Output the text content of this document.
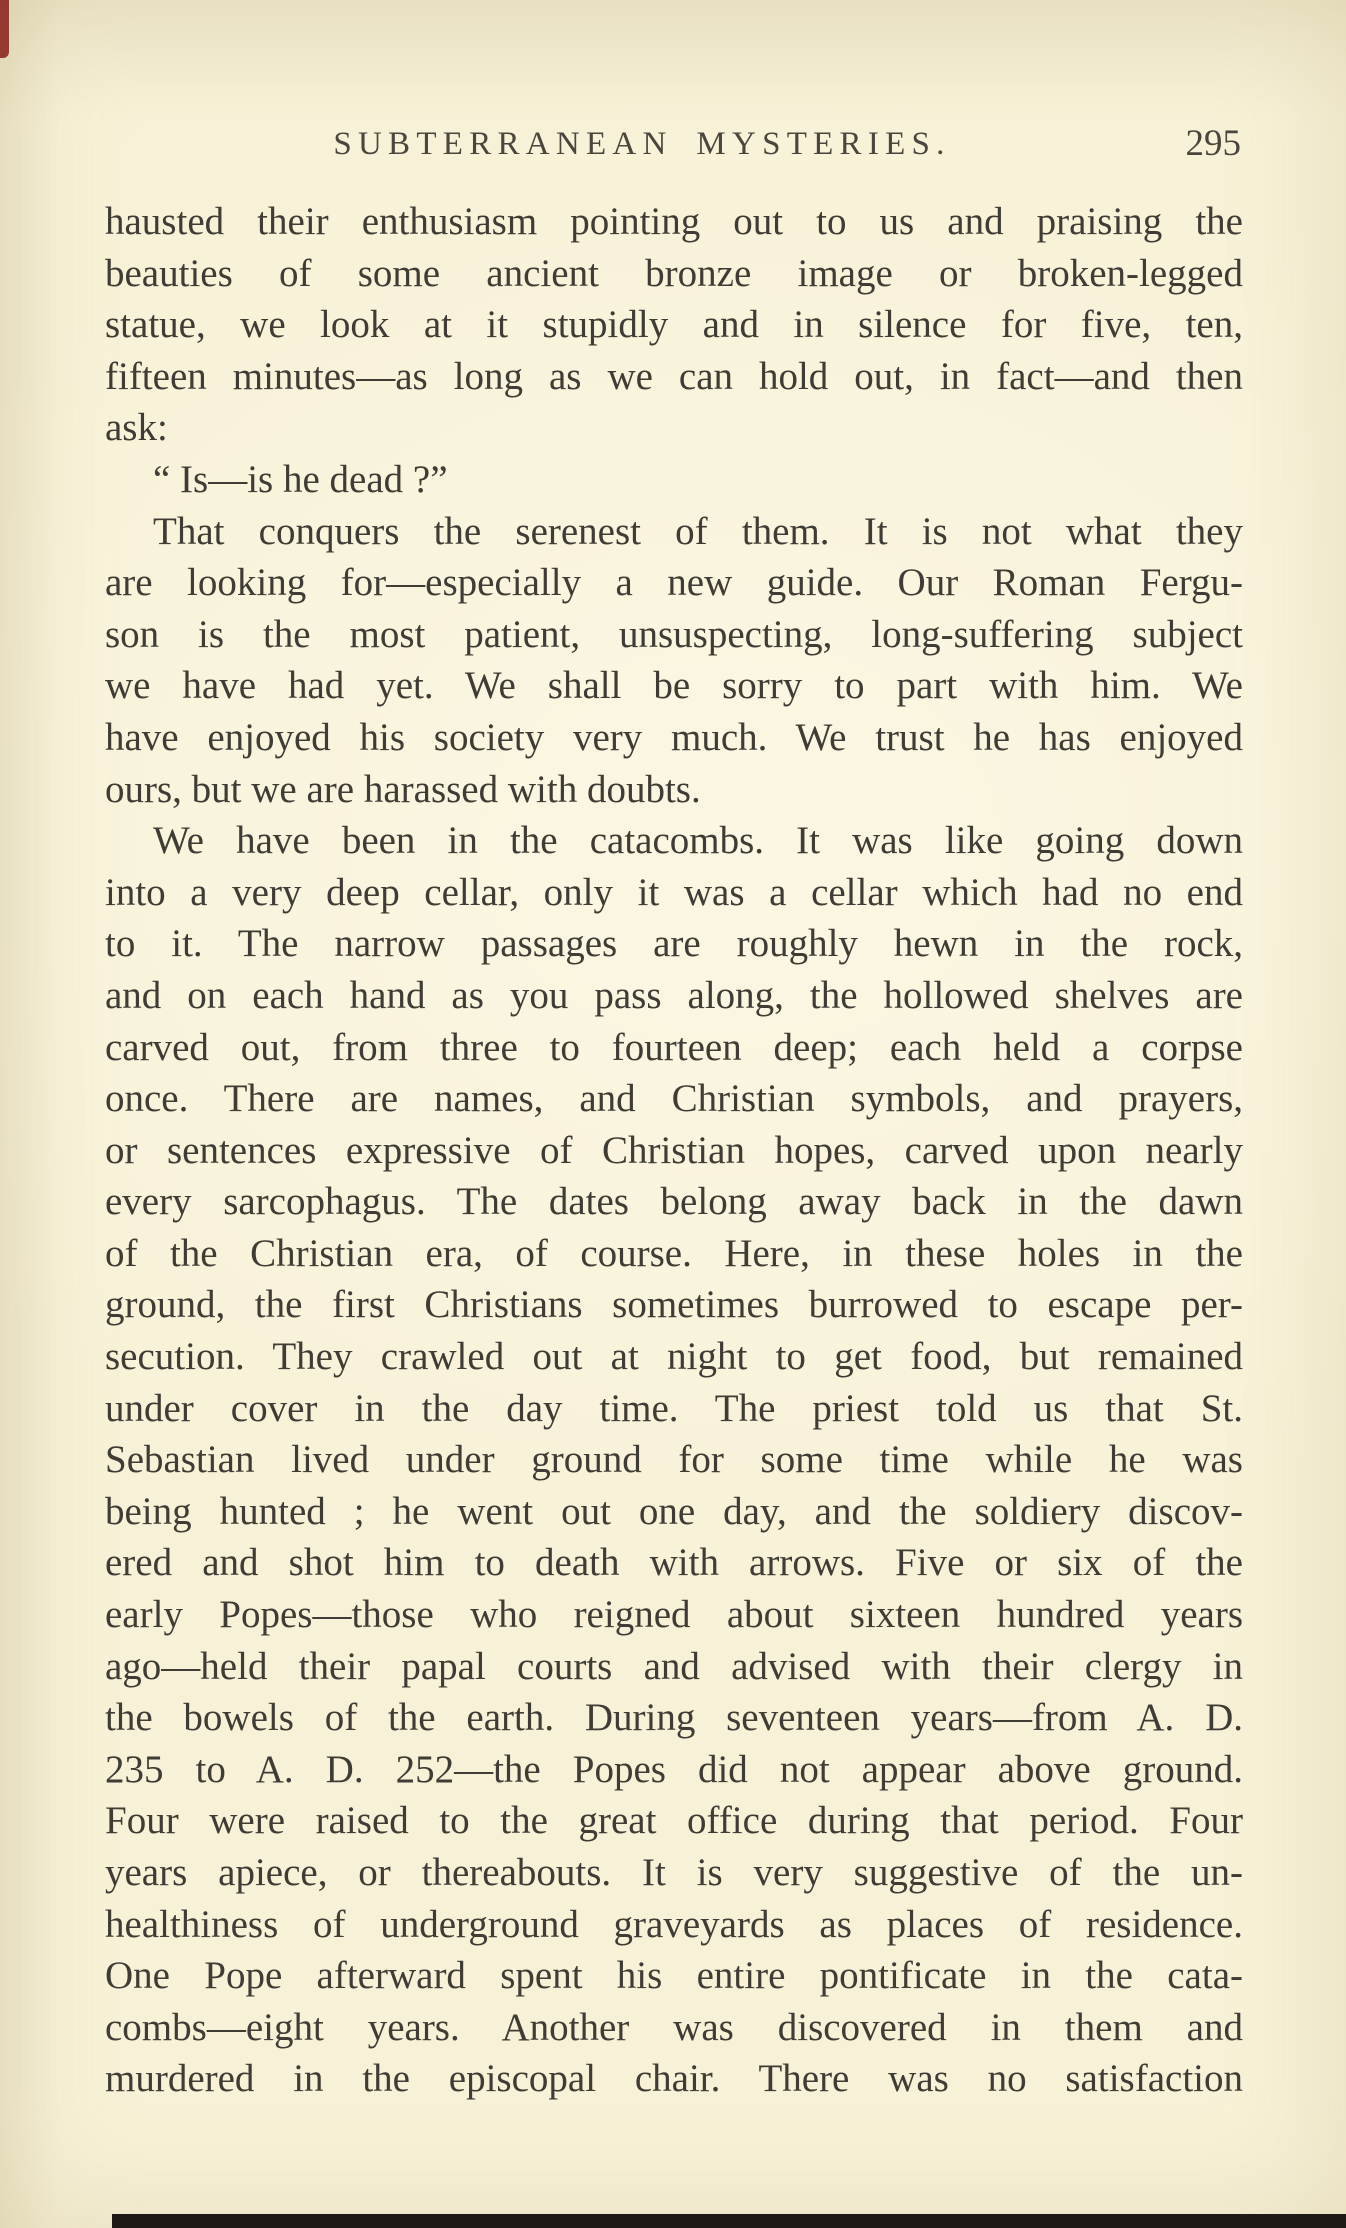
SUBTERRANEAN MYSTERIES.	295
hausted their enthusiasm pointing out to us and praising the
beauties of some ancient bronze image or broken-legged
statue, we look at it stupidly and in silence for five, ten,
fifteen minutes—as long as we can hold out, in fact—and then
ask:
“ Is—is he dead ?”
That conquers the serenest of them. It is not what they
are looking for—especially a new guide. Our Roman Fergu-
son is the most patient, unsuspecting, long-suffering subject
we have had yet. We shall be sorry to part with him. We
have enjoyed his society very much. We trust he has enjoyed
ours, but we are harassed with doubts.
We have been in the catacombs. It was like going down
into a very deep cellar, only it was a cellar which had no end
to it. The narrow passages are roughly hewn in the rock,
and on each hand as you pass along, the hollowed shelves are
carved out, from three to fourteen deep; each held a corpse
once. There are names, and Christian symbols, and prayers,
or sentences expressive of Christian hopes, carved upon nearly
every sarcophagus. The dates belong away back in the dawn
of the Christian era, of course. Here, in these holes in the
ground, the first Christians sometimes burrowed to escape per-
secution. They crawled out at night to get food, but remained
under cover in the day time. The priest told us that St.
Sebastian lived under ground for some time while he was
being hunted ; he went out one day, and the soldiery discov-
ered and shot him to death with arrows. Five or six of the
early Popes—those who reigned about sixteen hundred years
ago—held their papal courts and advised with their clergy in
the bowels of the earth. During seventeen years—from A. D.
235 to A. D. 252—the Popes did not appear above ground.
Four were raised to the great office during that period. Four
years apiece, or thereabouts. It is very suggestive of the un-
healthiness of underground graveyards as places of residence.
One Pope afterward spent his entire pontificate in the cata-
combs—eight years. Another was discovered in them and
murdered in the episcopal chair. There was no satisfaction
